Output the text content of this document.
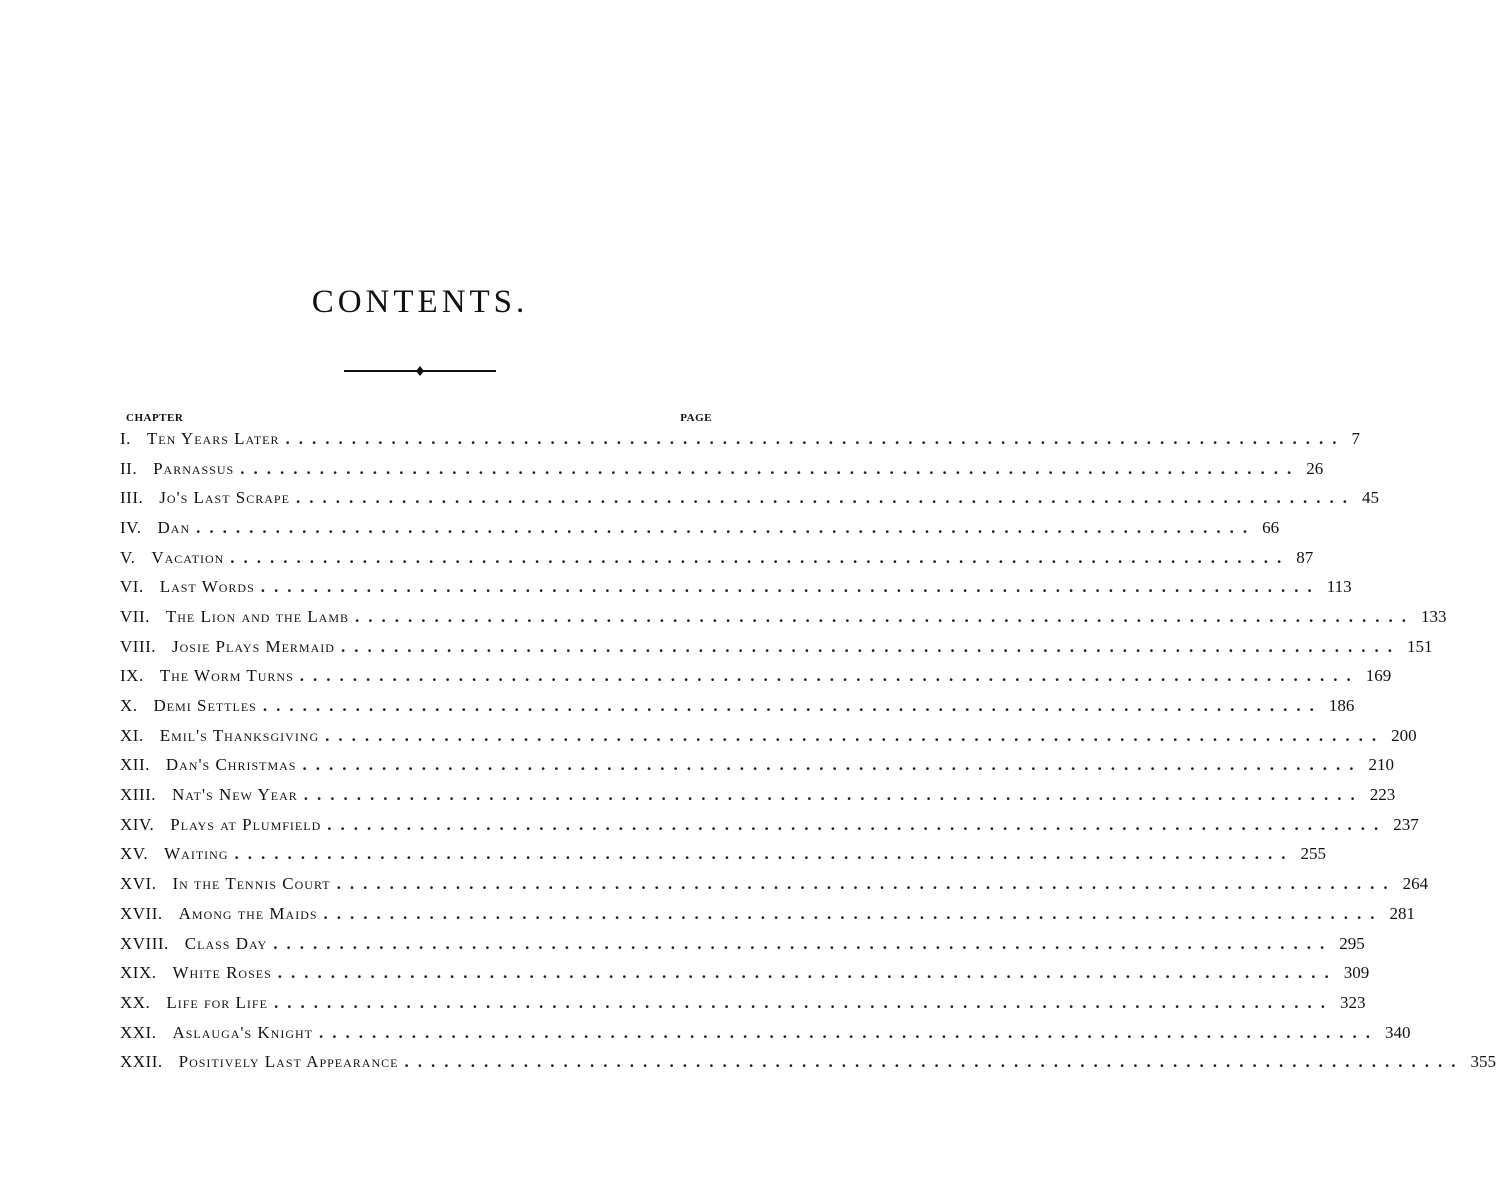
CONTENTS.
CHAPTER	PAGE
I. Ten Years Later ................................................................................ 7
II. Parnassus ................................................................................ 26
III. Jo's Last Scrape ................................................................................ 45
IV. Dan ................................................................................ 66
V. Vacation ................................................................................ 87
VI. Last Words ................................................................................ 113
VII. The Lion and the Lamb ................................................................................ 133
VIII. Josie Plays Mermaid ................................................................................ 151
IX. The Worm Turns ................................................................................ 169
X. Demi Settles ................................................................................ 186
XI. Emil's Thanksgiving ................................................................................ 200
XII. Dan's Christmas ................................................................................ 210
XIII. Nat's New Year ................................................................................ 223
XIV. Plays at Plumfield ................................................................................ 237
XV. Waiting ................................................................................ 255
XVI. In the Tennis Court ................................................................................ 264
XVII. Among the Maids ................................................................................ 281
XVIII. Class Day ................................................................................ 295
XIX. White Roses ................................................................................ 309
XX. Life for Life ................................................................................ 323
XXI. Aslauga's Knight ................................................................................ 340
XXII. Positively Last Appearance ................................................................................ 355
